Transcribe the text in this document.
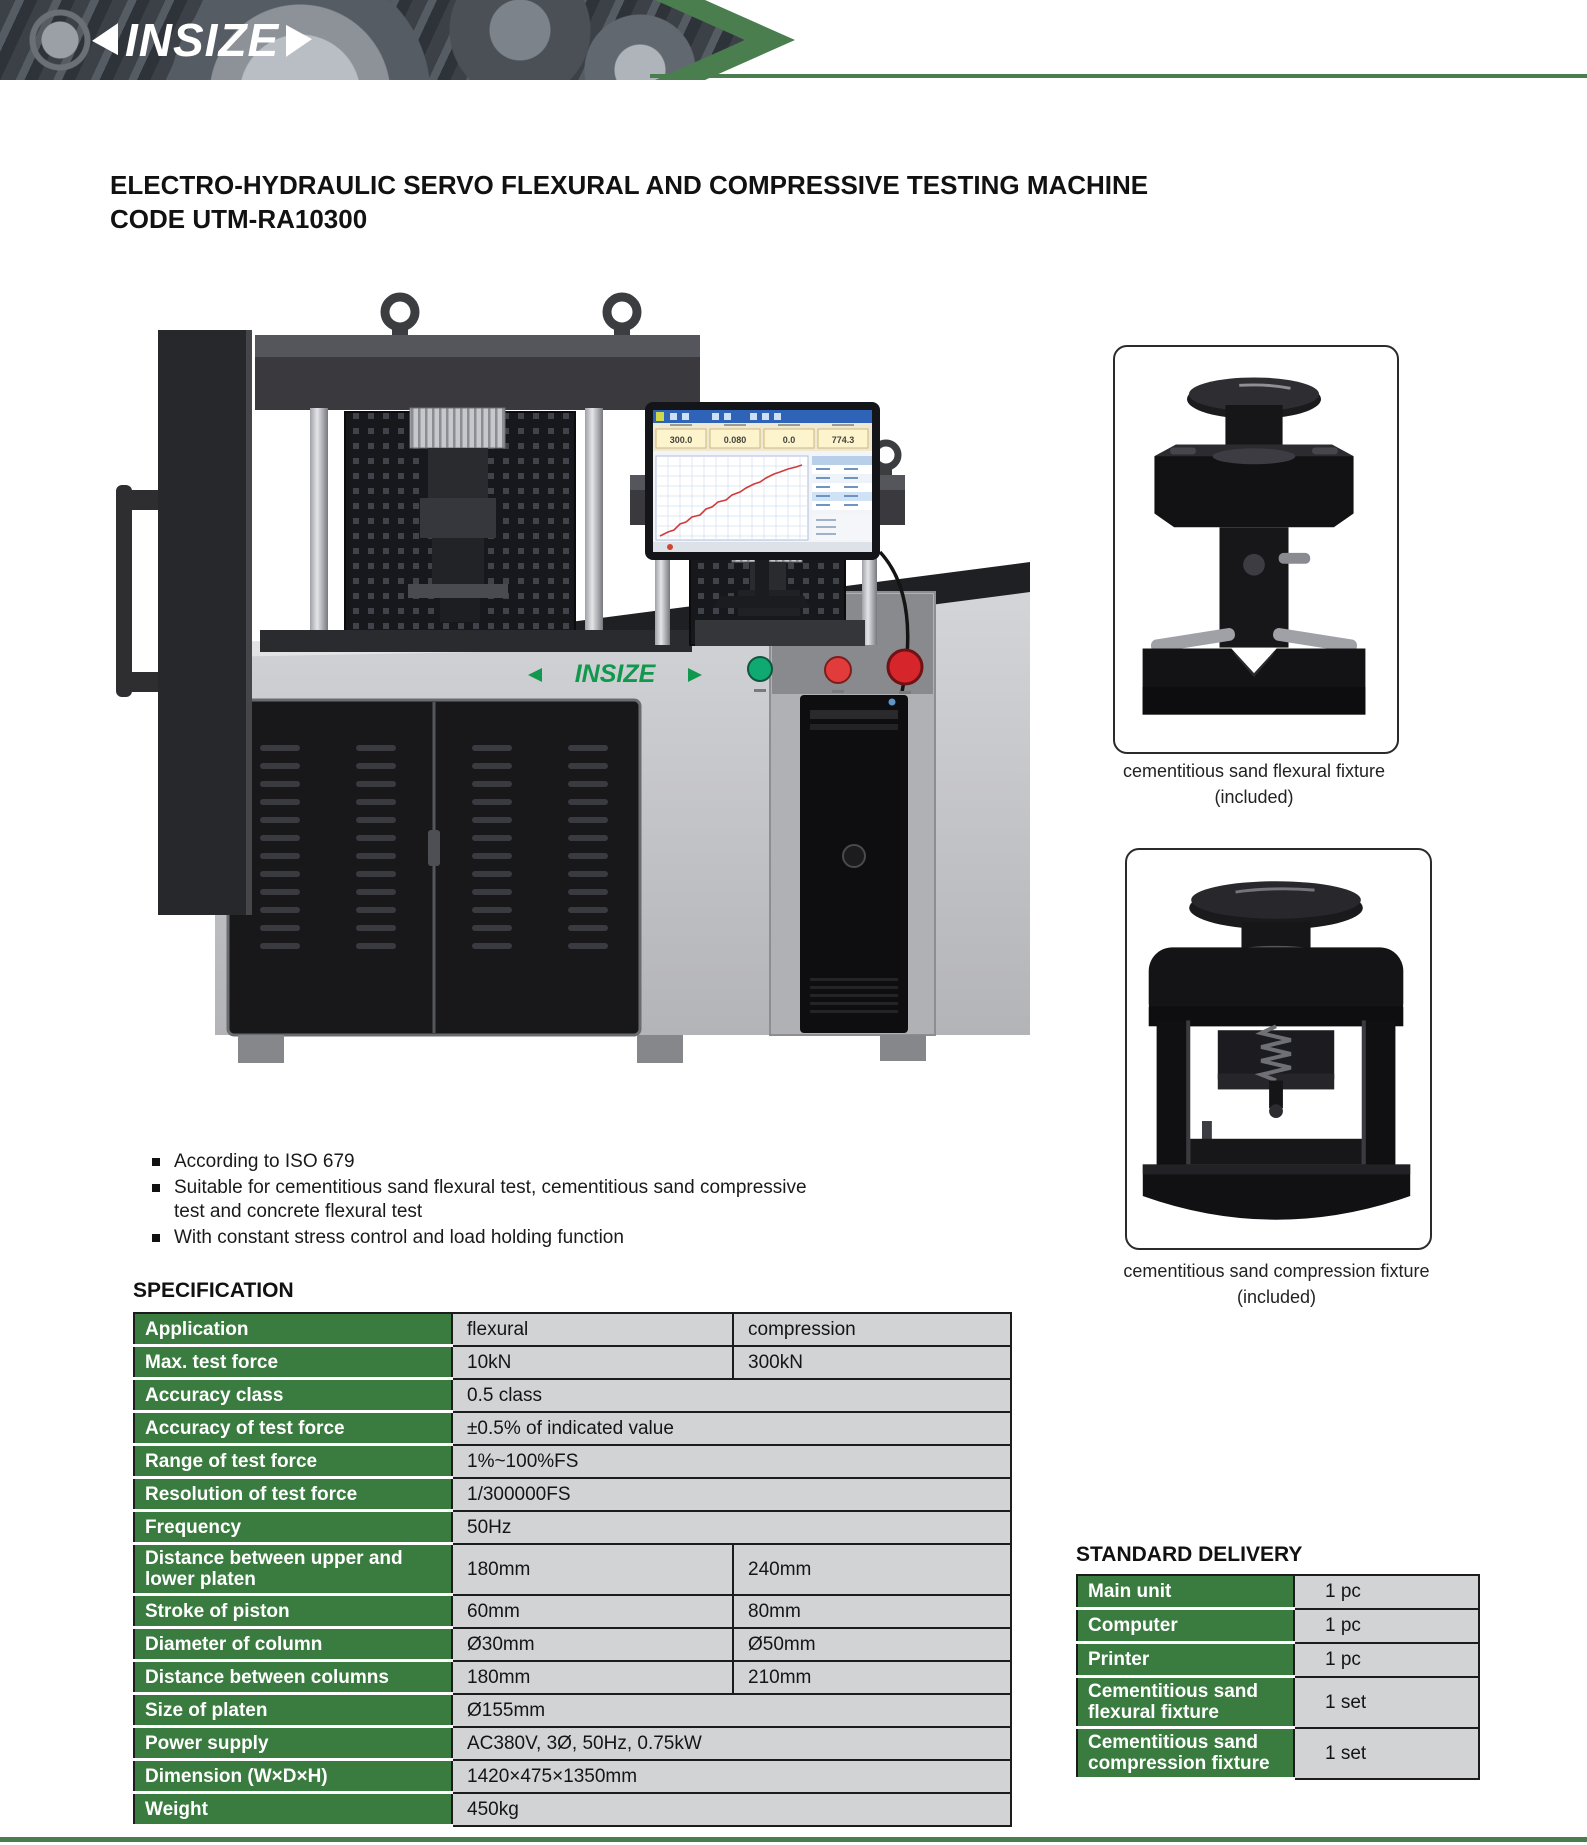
INSIZE
ELECTRO-HYDRAULIC SERVO FLEXURAL AND COMPRESSIVE TESTING MACHINE
CODE UTM-RA10300
INSIZE
300.0	0.080	0.0	774.3
cementitious sand flexural fixture
(included)
cementitious sand compression fixture
(included)
According to ISO 679
Suitable for cementitious sand flexural test, cementitious sand compressive test and concrete flexural test
With constant stress control and load holding function
SPECIFICATION
Application	flexural	compression
Max. test force	10kN	300kN
Accuracy class	0.5 class	
Accuracy of test force	±0.5% of indicated value	
Range of test force	1%~100%FS	
Resolution of test force	1/300000FS	
Frequency	50Hz	
Distance between upper and lower platen	180mm	240mm
Stroke of piston	60mm	80mm
Diameter of column	Ø30mm	Ø50mm
Distance between columns	180mm	210mm
Size of platen	Ø155mm	
Power supply	AC380V, 3Ø, 50Hz, 0.75kW	
Dimension (W×D×H)	1420×475×1350mm	
Weight	450kg	
STANDARD DELIVERY
Main unit	1 pc
Computer	1 pc
Printer	1 pc
Cementitious sand flexural fixture	1 set
Cementitious sand compression fixture	1 set
